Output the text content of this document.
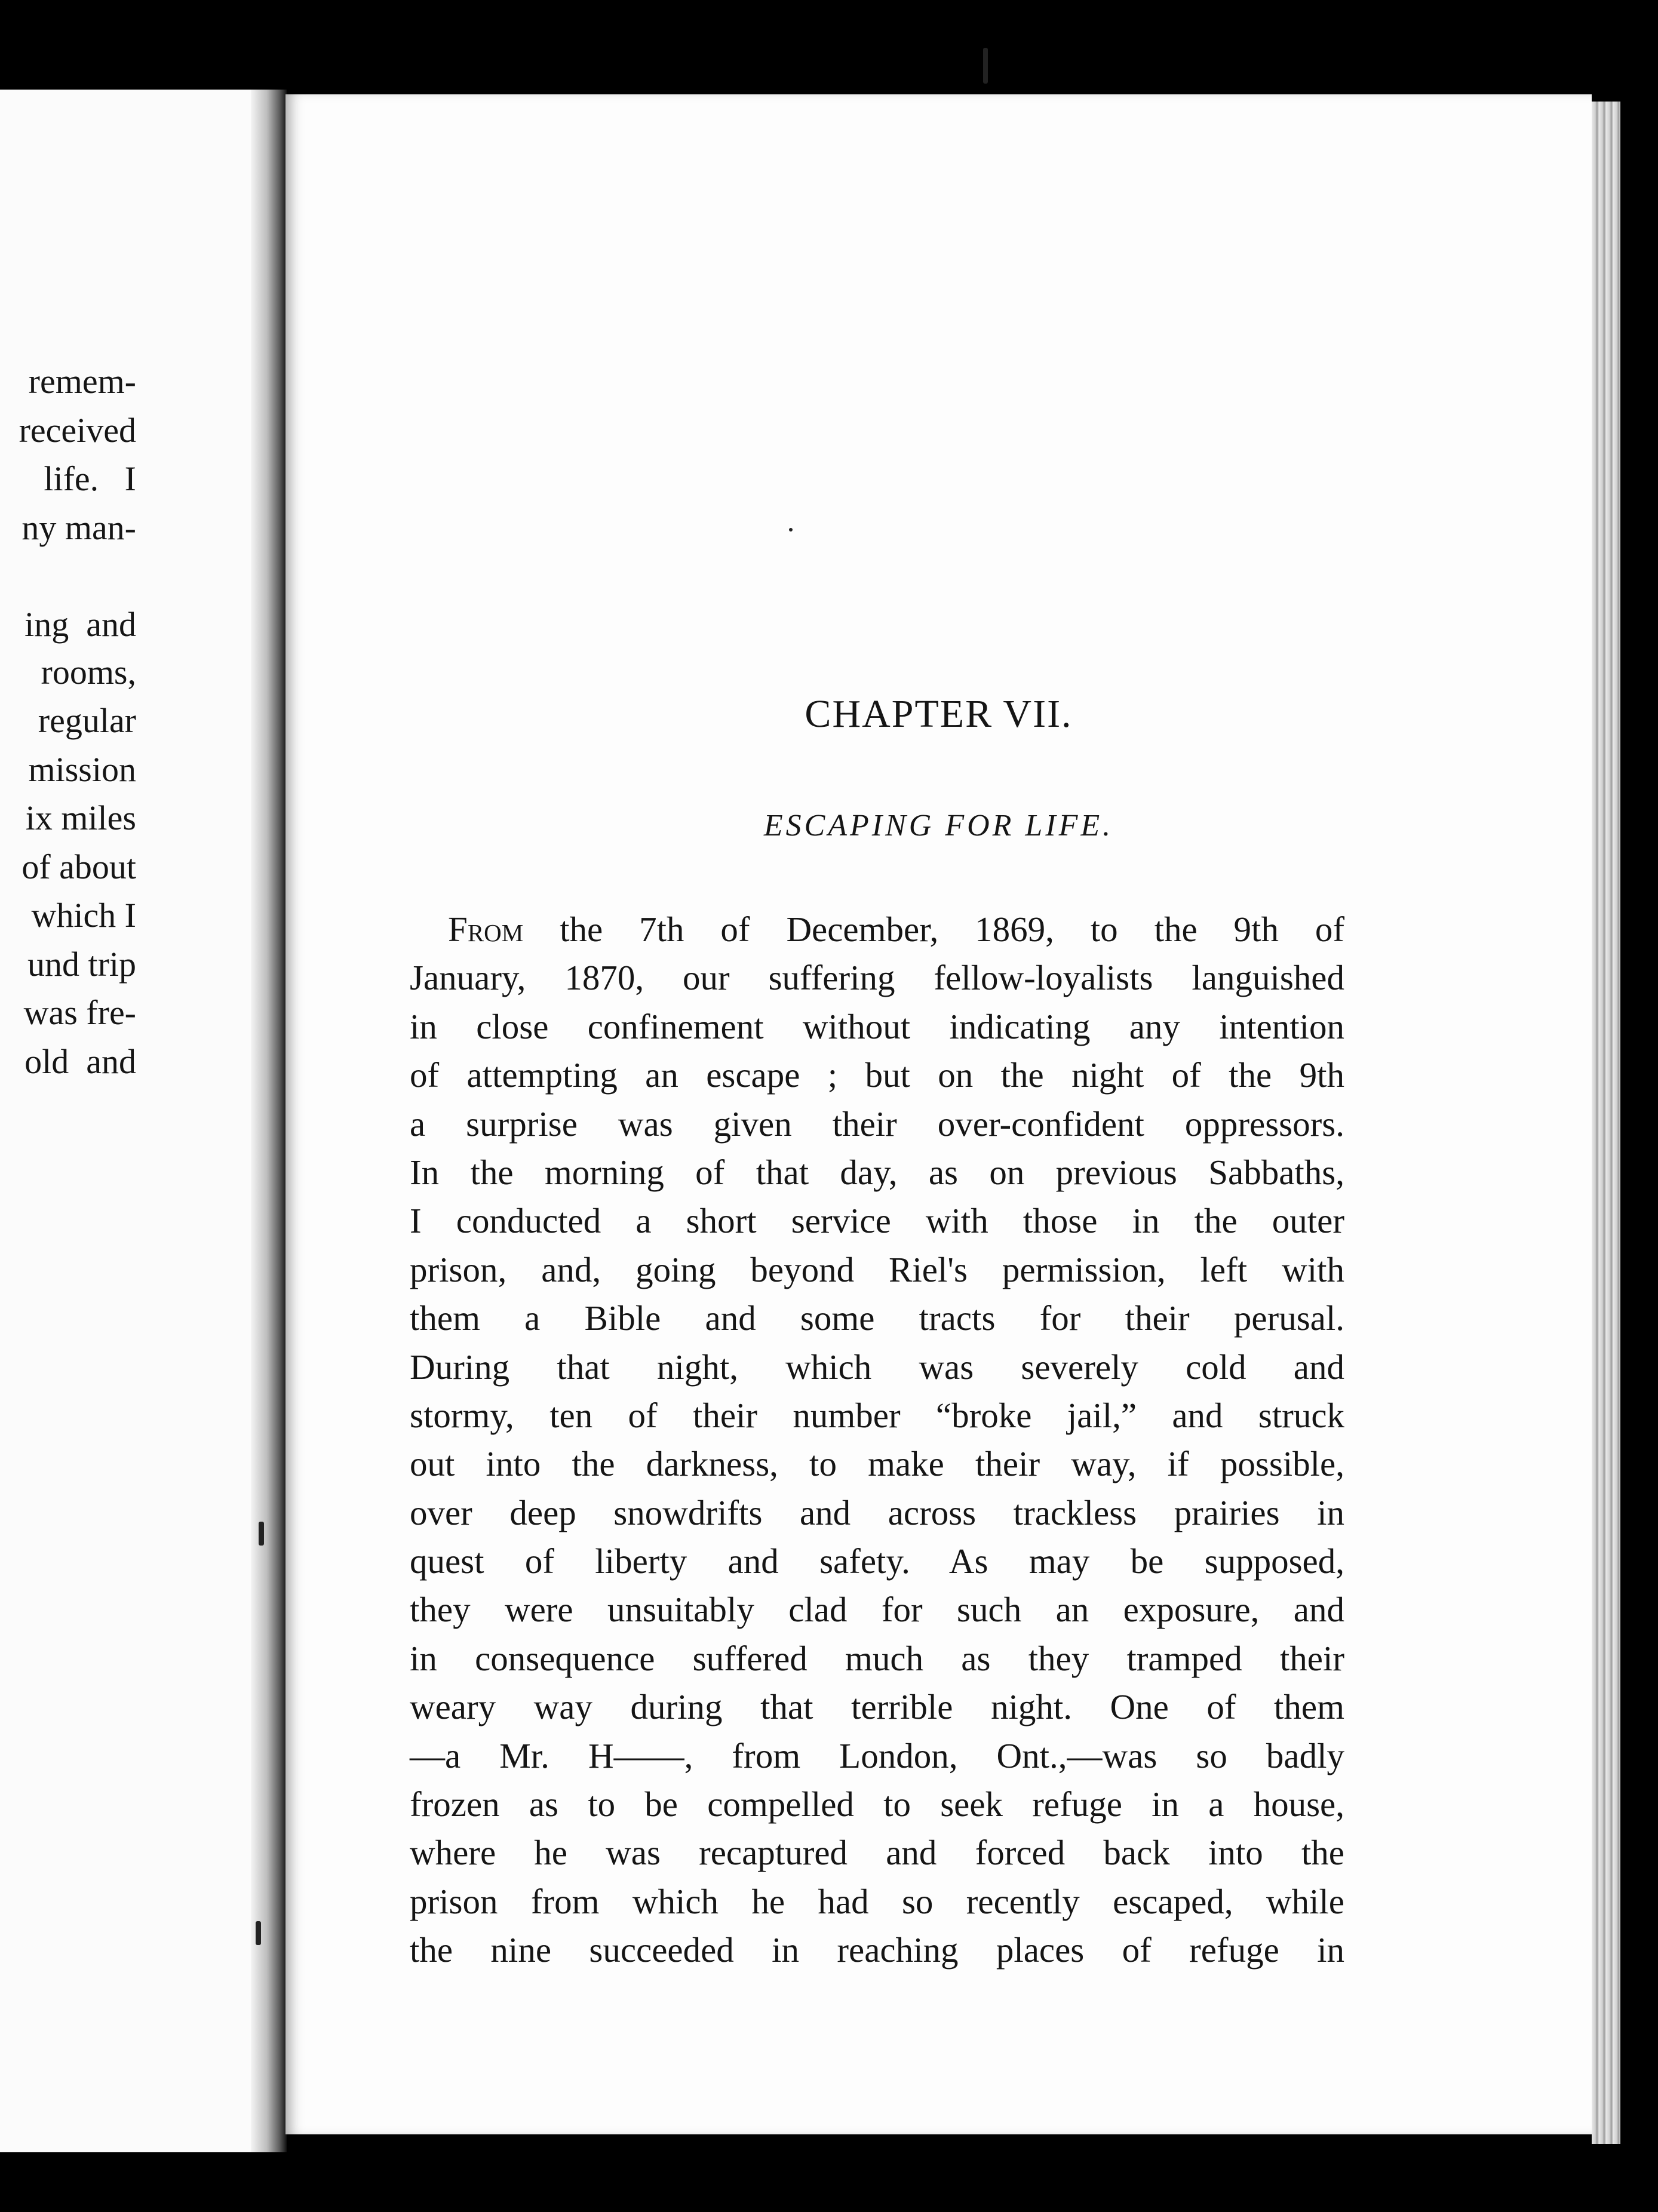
remem-
received
life.   I
ny man-
ing  and
rooms,
regular
mission
ix miles
of about
which I
und trip
was fre-
old  and
CHAPTER VII.
ESCAPING FOR LIFE.
From the 7th of December, 1869, to the 9th of
January, 1870, our suffering fellow-loyalists languished
in close confinement without indicating any intention
of attempting an escape ; but on the night of the 9th
a surprise was given their over-confident oppressors.
In the morning of that day, as on previous Sabbaths,
I conducted a short service with those in the outer
prison, and, going beyond Riel's permission, left with
them a Bible and some tracts for their perusal.
During that night, which was severely cold and
stormy, ten of their number “broke jail,” and struck
out into the darkness, to make their way, if possible,
over deep snowdrifts and across trackless prairies in
quest of liberty and safety. As may be supposed,
they were unsuitably clad for such an exposure, and
in consequence suffered much as they tramped their
weary way during that terrible night. One of them
—a Mr. H——, from London, Ont.,—was so badly
frozen as to be compelled to seek refuge in a house,
where he was recaptured and forced back into the
prison from which he had so recently escaped, while
the nine succeeded in reaching places of refuge in
